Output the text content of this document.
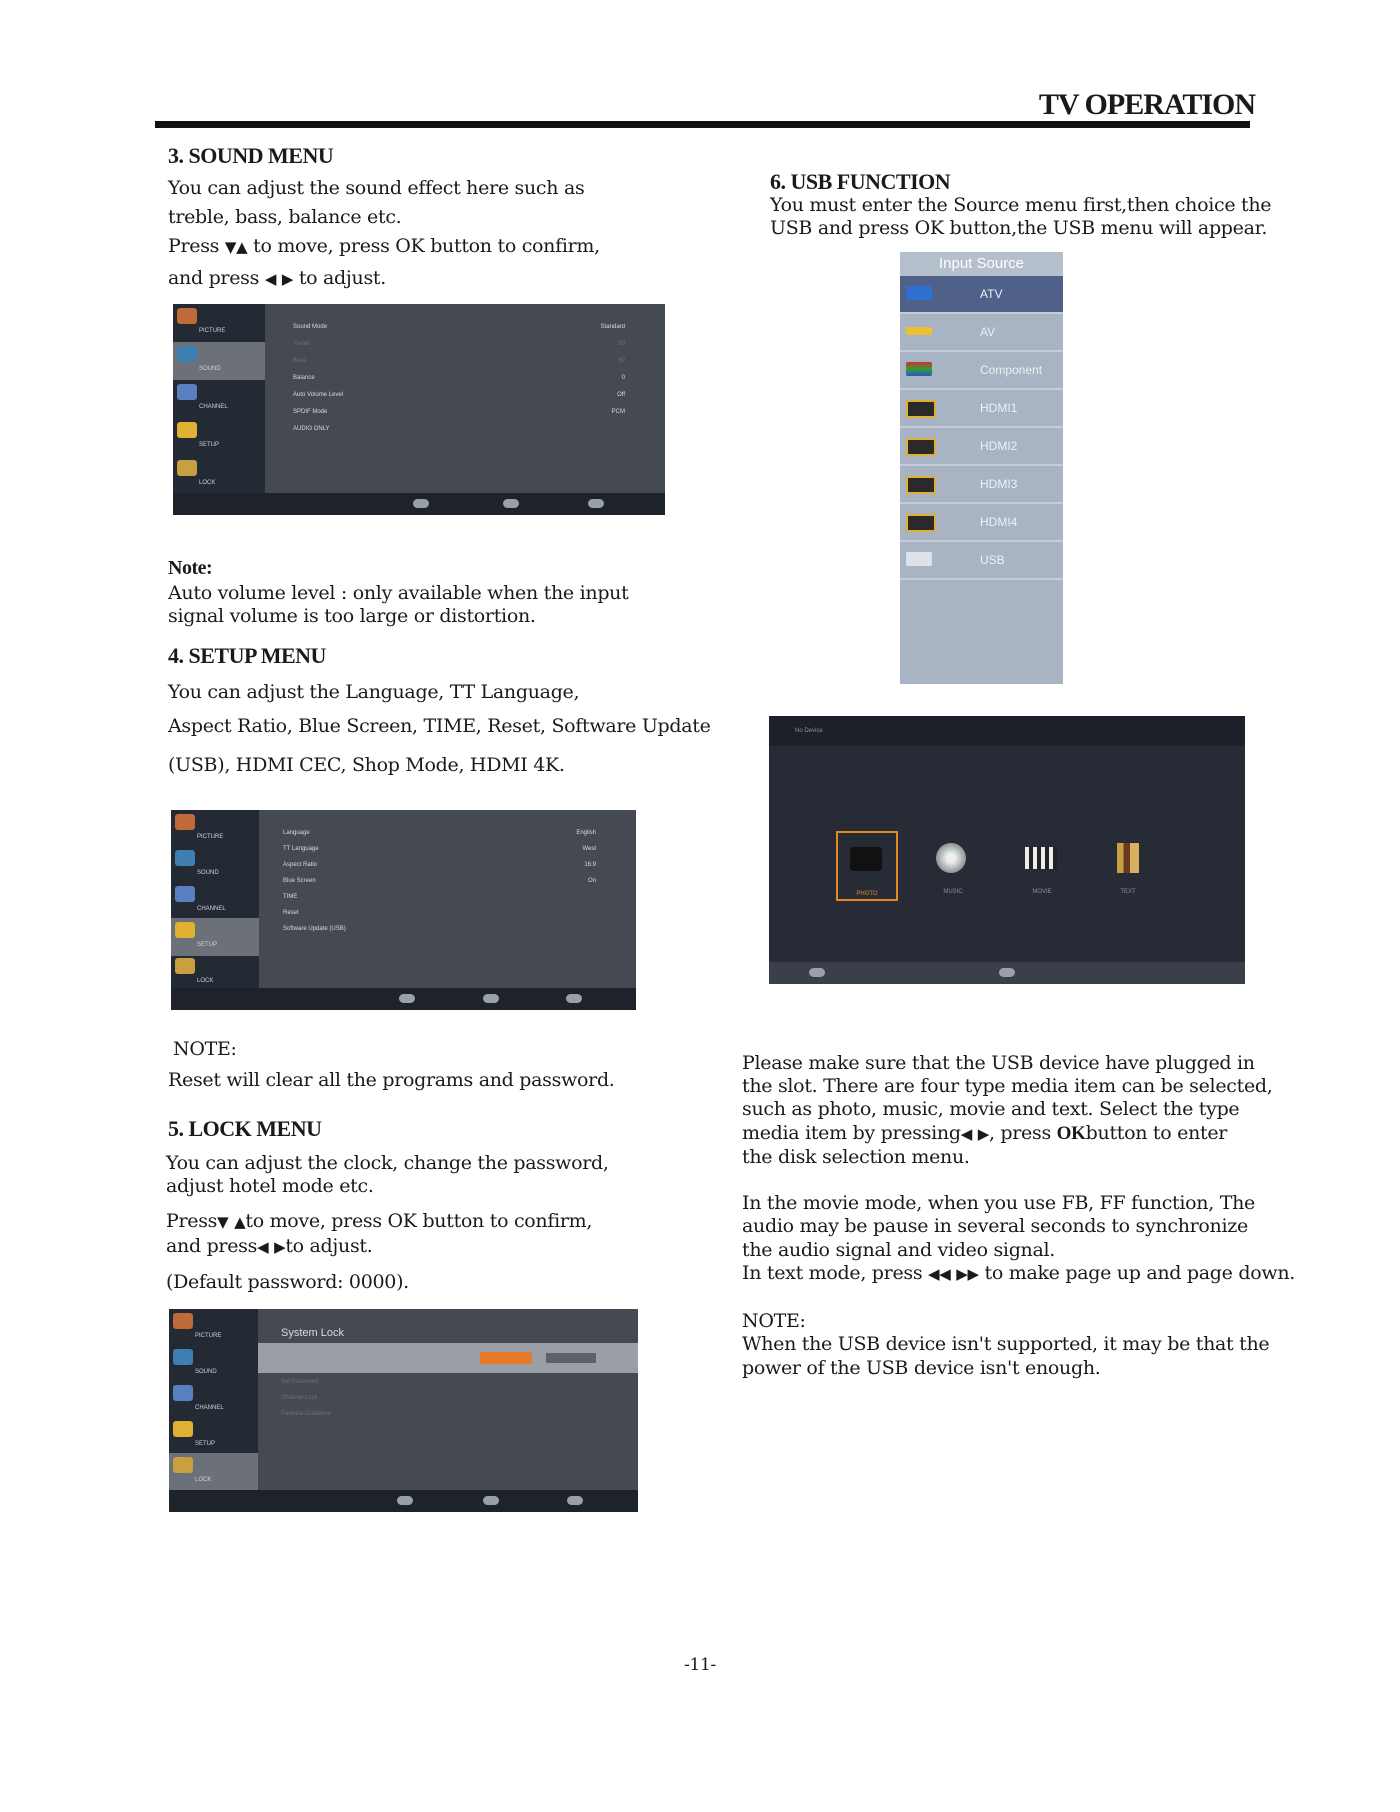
TV OPERATION
3. SOUND MENU
You can adjust the sound effect here such as
treble, bass, balance etc.
Press ▼▲ to move, press OK button to confirm,
and press ◀ ▶ to adjust.
PICTURE
SOUND
CHANNEL
SETUP
LOCK
Sound Mode	Standard
Treble	50
Bass	50
Balance	0
Auto Volume Level	Off
SPDIF Mode	PCM
AUDIO ONLY
Note:
Auto volume level : only available when the input
signal volume is too large or distortion.
4. SETUP MENU
You can adjust the Language, TT Language,
Aspect Ratio, Blue Screen, TIME, Reset, Software Update
(USB), HDMI CEC, Shop Mode, HDMI 4K.
PICTURE
SOUND
CHANNEL
SETUP
LOCK
Language	English
TT Language	West
Aspect Ratio	16:9
Blue Screen	On
TIME
Reset
Software Update (USB)
NOTE:
Reset will clear all the programs and password.
5. LOCK MENU
You can adjust the clock, change the password,
adjust hotel mode etc.
Press▼ ▲to move, press OK button to confirm,
and press◀ ▶to adjust.
(Default password: 0000).
PICTURE
SOUND
CHANNEL
SETUP
LOCK
System Lock
Set Password
Channel Lock
Parental Guidance
6. USB FUNCTION
You must enter the Source menu first,then choice the
USB and press OK button,the USB menu will appear.
Input Source
ATV
AV
Component
HDMI1
HDMI2
HDMI3
HDMI4
USB
No Device
PHOTO	MUSIC	MOVIE	TEXT
Please make sure that the USB device have plugged in
the slot. There are four type media item can be selected,
such as photo, music, movie and text. Select the type
media item by pressing◀ ▶, press OKbutton to enter
the disk selection menu.
In the movie mode, when you use FB, FF function, The
audio may be pause in several seconds to synchronize
the audio signal and video signal.
In text mode, press ◀◀ ▶▶ to make page up and page down.
NOTE:
When the USB device isn't supported, it may be that the
power of the USB device isn't enough.
-11-
